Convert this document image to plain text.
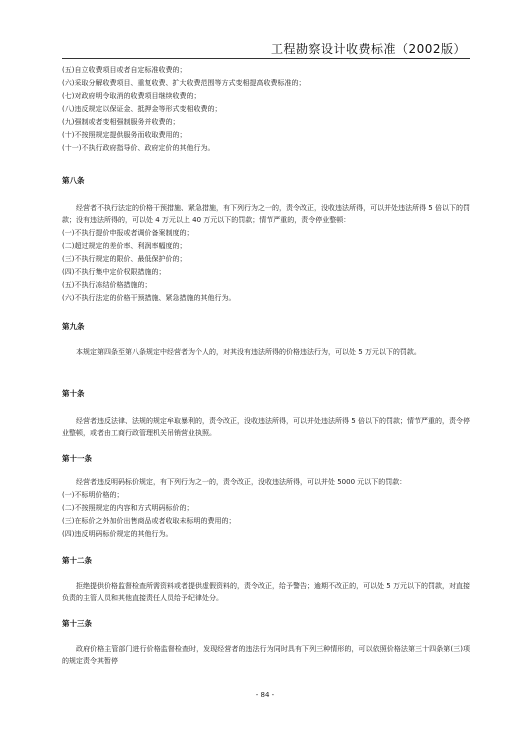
工程勘察设计收费标准（2002版）
(五)自立收费项目或者自定标准收费的；
(六)采取分解收费项目、重复收费、扩大收费范围等方式变相提高收费标准的；
(七)对政府明令取消的收费项目继续收费的；
(八)违反规定以保证金、抵押金等形式变相收费的；
(九)强制或者变相强制服务并收费的；
(十)不按照规定提供服务而收取费用的；
(十一)不执行政府指导价、政府定价的其他行为。
第八条
经营者不执行法定的价格干预措施、紧急措施，有下列行为之一的，责令改正，没收违法所得，可以并处违法所得 5 倍以下的罚款；没有违法所得的，可以处 4 万元以上 40 万元以下的罚款；情节严重的，责令停业整顿：
(一)不执行提价申报或者调价备案制度的；
(二)超过规定的差价率、利润率幅度的；
(三)不执行规定的限价、最低保护价的；
(四)不执行集中定价权限措施的；
(五)不执行冻结价格措施的；
(六)不执行法定的价格干预措施、紧急措施的其他行为。
第九条
本规定第四条至第八条规定中经营者为个人的，对其没有违法所得的价格违法行为，可以处 5 万元以下的罚款。
第十条
经营者违反法律、法规的规定牟取暴利的，责令改正，没收违法所得，可以并处违法所得 5 倍以下的罚款；情节严重的，责令停业整顿，或者由工商行政管理机关吊销营业执照。
第十一条
经营者违反明码标价规定，有下列行为之一的，责令改正，没收违法所得，可以并处 5000 元以下的罚款：
(一)不标明价格的；
(二)不按照规定的内容和方式明码标价的；
(三)在标价之外加价出售商品或者收取未标明的费用的；
(四)违反明码标价规定的其他行为。
第十二条
拒绝提供价格监督检查所需资料或者提供虚假资料的，责令改正，给予警告；逾期不改正的，可以处 5 万元以下的罚款，对直接负责的主管人员和其他直接责任人员给予纪律处分。
第十三条
政府价格主管部门进行价格监督检查时，发现经营者的违法行为同时具有下列三种情形的，可以依照价格法第三十四条第(三)项的规定责令其暂停
- 84 -
